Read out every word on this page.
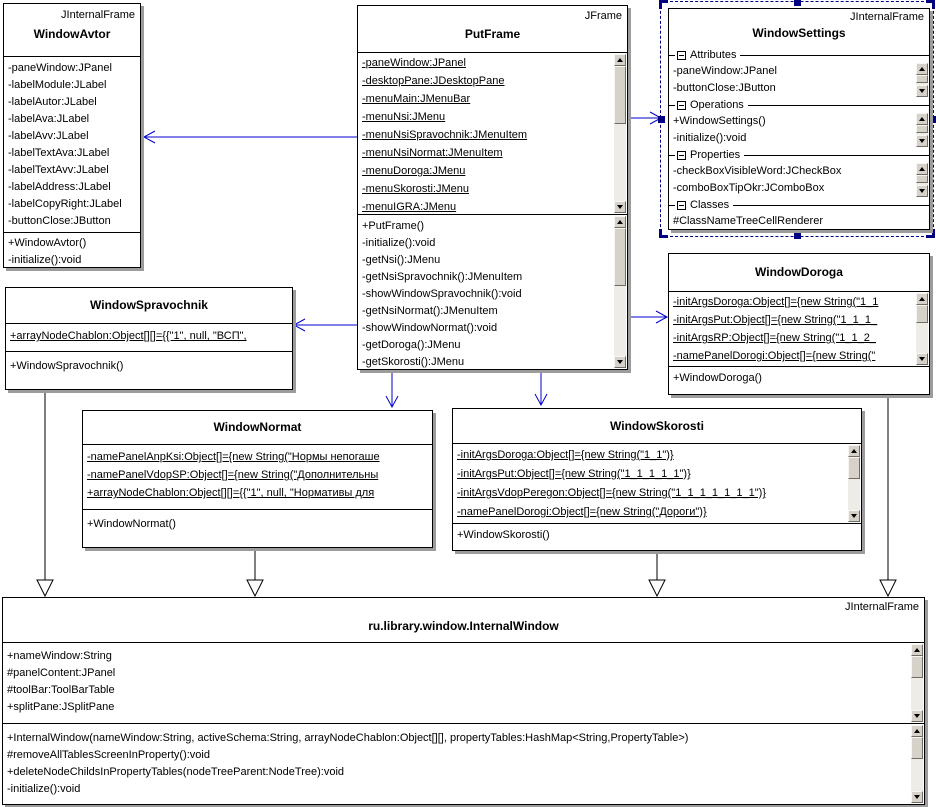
JInternalFrame
WindowAvtor
-paneWindow:JPanel
-labelModule:JLabel
-labelAutor:JLabel
-labelAva:JLabel
-labelAvv:JLabel
-labelTextAva:JLabel
-labelTextAvv:JLabel
-labelAddress:JLabel
-labelCopyRight:JLabel
-buttonClose:JButton
+WindowAvtor()
-initialize():void
JFrame
PutFrame
-paneWindow:JPanel
-desktopPane:JDesktopPane
-menuMain:JMenuBar
-menuNsi:JMenu
-menuNsiSpravochnik:JMenuItem
-menuNsiNormat:JMenuItem
-menuDoroga:JMenu
-menuSkorosti:JMenu
-menuIGRA:JMenu
+PutFrame()
-initialize():void
-getNsi():JMenu
-getNsiSpravochnik():JMenuItem
-showWindowSpravochnik():void
-getNsiNormat():JMenuItem
-showWindowNormat():void
-getDoroga():JMenu
-getSkorosti():JMenu
JInternalFrame
WindowSettings
Attributes
-paneWindow:JPanel
-buttonClose:JButton
Operations
+WindowSettings()
-initialize():void
Properties
-checkBoxVisibleWord:JCheckBox
-comboBoxTipOkr:JComboBox
Classes
#ClassNameTreeCellRenderer
WindowSpravochnik
+arrayNodeChablon:Object[][]={{"1", null, "ВСП",
+WindowSpravochnik()
WindowDoroga
-initArgsDoroga:Object[]={new String("1_1
-initArgsPut:Object[]={new String("1_1_1_
-initArgsRP:Object[]={new String("1_1_2_
-namePanelDorogi:Object[]={new String("
+WindowDoroga()
WindowNormat
-namePanelAnpKsi:Object[]={new String("Нормы непогаше
-namePanelVdopSP:Object[]={new String("Дополнительны
+arrayNodeChablon:Object[][]={{"1", null, "Нормативы для
+WindowNormat()
WindowSkorosti
-initArgsDoroga:Object[]={new String("1_1")}
-initArgsPut:Object[]={new String("1_1_1_1_1")}
-initArgsVdopPeregon:Object[]={new String("1_1_1_1_1_1_1")}
-namePanelDorogi:Object[]={new String("Дороги")}
+WindowSkorosti()
JInternalFrame
ru.library.window.InternalWindow
+nameWindow:String
#panelContent:JPanel
#toolBar:ToolBarTable
+splitPane:JSplitPane
+InternalWindow(nameWindow:String, activeSchema:String, arrayNodeChablon:Object[][], propertyTables:HashMap<String,PropertyTable>)
#removeAllTablesScreenInProperty():void
+deleteNodeChildsInPropertyTables(nodeTreeParent:NodeTree):void
-initialize():void
